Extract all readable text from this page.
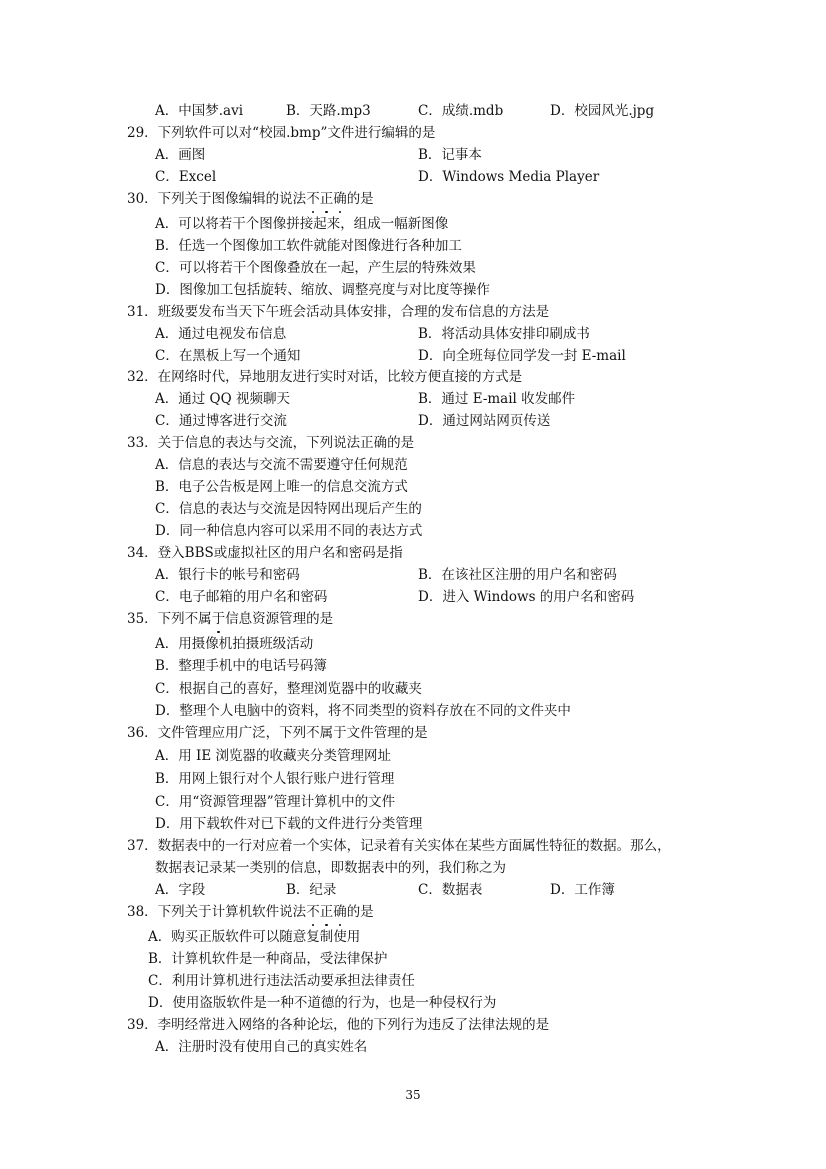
A．中国梦.avi	B．天路.mp3	C．成绩.mdb	D．校园风光.jpg
29．下列软件可以对“校园.bmp”文件进行编辑的是
A．画图	B．记事本
C．Excel	D．Windows Media Player
30．下列关于图像编辑的说法不正确的是
A．可以将若干个图像拼接起来，组成一幅新图像
B．任选一个图像加工软件就能对图像进行各种加工
C．可以将若干个图像叠放在一起，产生层的特殊效果
D．图像加工包括旋转、缩放、调整亮度与对比度等操作
31．班级要发布当天下午班会活动具体安排，合理的发布信息的方法是
A．通过电视发布信息	B．将活动具体安排印刷成书
C．在黑板上写一个通知	D．向全班每位同学发一封 E-mail
32．在网络时代，异地朋友进行实时对话，比较方便直接的方式是
A．通过 QQ 视频聊天	B．通过 E-mail 收发邮件
C．通过博客进行交流	D．通过网站网页传送
33．关于信息的表达与交流，下列说法正确的是
A．信息的表达与交流不需要遵守任何规范
B．电子公告板是网上唯一的信息交流方式
C．信息的表达与交流是因特网出现后产生的
D．同一种信息内容可以采用不同的表达方式
34．登入BBS或虚拟社区的用户名和密码是指
A．银行卡的帐号和密码	B．在该社区注册的用户名和密码
C．电子邮箱的用户名和密码	D．进入 Windows 的用户名和密码
35．下列不属于信息资源管理的是
A．用摄像机拍摄班级活动
B．整理手机中的电话号码簿
C．根据自己的喜好，整理浏览器中的收藏夹
D．整理个人电脑中的资料，将不同类型的资料存放在不同的文件夹中
36．文件管理应用广泛，下列不属于文件管理的是
A．用 IE 浏览器的收藏夹分类管理网址
B．用网上银行对个人银行账户进行管理
C．用“资源管理器”管理计算机中的文件
D．用下载软件对已下载的文件进行分类管理
37．数据表中的一行对应着一个实体，记录着有关实体在某些方面属性特征的数据。那么，
数据表记录某一类别的信息，即数据表中的列，我们称之为
A．字段	B．纪录	C．数据表	D．工作簿
38．下列关于计算机软件说法不正确的是
A．购买正版软件可以随意复制使用
B．计算机软件是一种商品，受法律保护
C．利用计算机进行违法活动要承担法律责任
D．使用盗版软件是一种不道德的行为，也是一种侵权行为
39．李明经常进入网络的各种论坛，他的下列行为违反了法律法规的是
A．注册时没有使用自己的真实姓名
35
